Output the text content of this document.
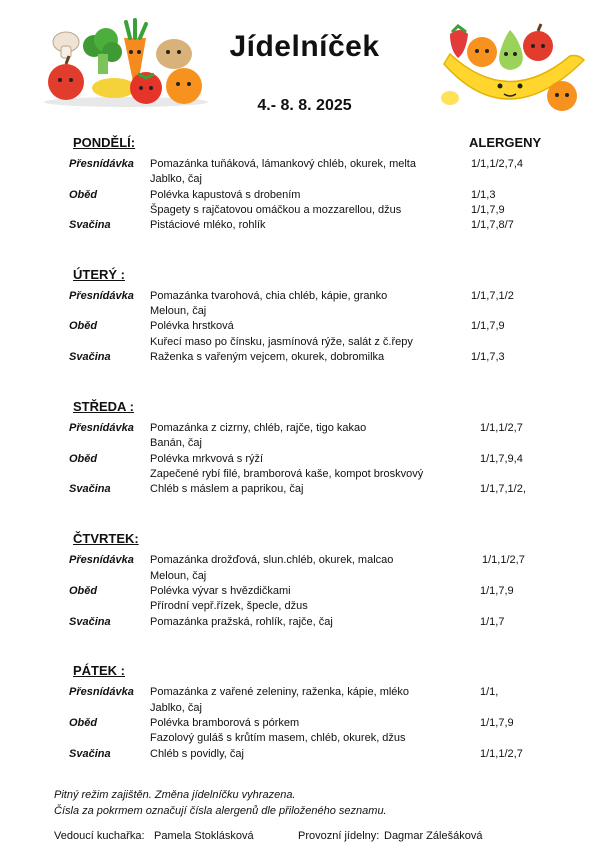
Jídelníček
4.- 8. 8. 2025
ALERGENY
PONDĚLÍ:
Přesnídávka Pomazánka tuňáková, lámankový chléb, okurek, melta	1/1,1/2,7,4
Jablko, čaj
Oběd	Polévka kapustová s drobením	1/1,3
Špagety s rajčatovou omáčkou a mozzarellou, džus	1/1,7,9
Svačina	Pistáciové mléko, rohlík	1/1,7,8/7
ÚTERÝ :
Přesnídávka Pomazánka tvarohová, chia chléb, kápie, granko	1/1,7,1/2
Meloun, čaj
Oběd	Polévka hrstková	1/1,7,9
Kuřecí maso po čínsku, jasmínová rýže, salát z č.řepy
Svačina	Raženka s vařeným vejcem, okurek, dobromilka	1/1,7,3
STŘEDA :
Přesnídávka Pomazánka z cizrny, chléb, rajče, tigo kakao	1/1,1/2,7
Banán, čaj
Oběd	Polévka mrkvová s rýží	1/1,7,9,4
Zapečené rybí filé, bramborová kaše, kompot broskvový
Svačina	Chléb s máslem a paprikou, čaj	1/1,7,1/2,
ČTVRTEK:
Přesnídávka Pomazánka drožďová, slun.chléb, okurek, malcao	1/1,1/2,7
Meloun, čaj
Oběd	Polévka vývar s hvězdičkami	1/1,7,9
Přírodní vepř.řízek, špecle, džus
Svačina	Pomazánka pražská, rohlík, rajče, čaj	1/1,7
PÁTEK :
Přesnídávka Pomazánka z vařené zeleniny, raženka, kápie, mléko	1/1,
Jablko, čaj
Oběd	Polévka bramborová s pórkem	1/1,7,9
Fazolový guláš s krůtím masem, chléb, okurek, džus
Svačina	Chléb s povidly, čaj	1/1,1/2,7
Pitný režim zajištěn. Změna jídelníčku vyhrazena.
Čísla za pokrmem označují čísla alergenů dle přiloženého seznamu.
Vedoucí kuchařka: Pamela Stoklásková	Provozní jídelny: Dagmar Zálešáková
